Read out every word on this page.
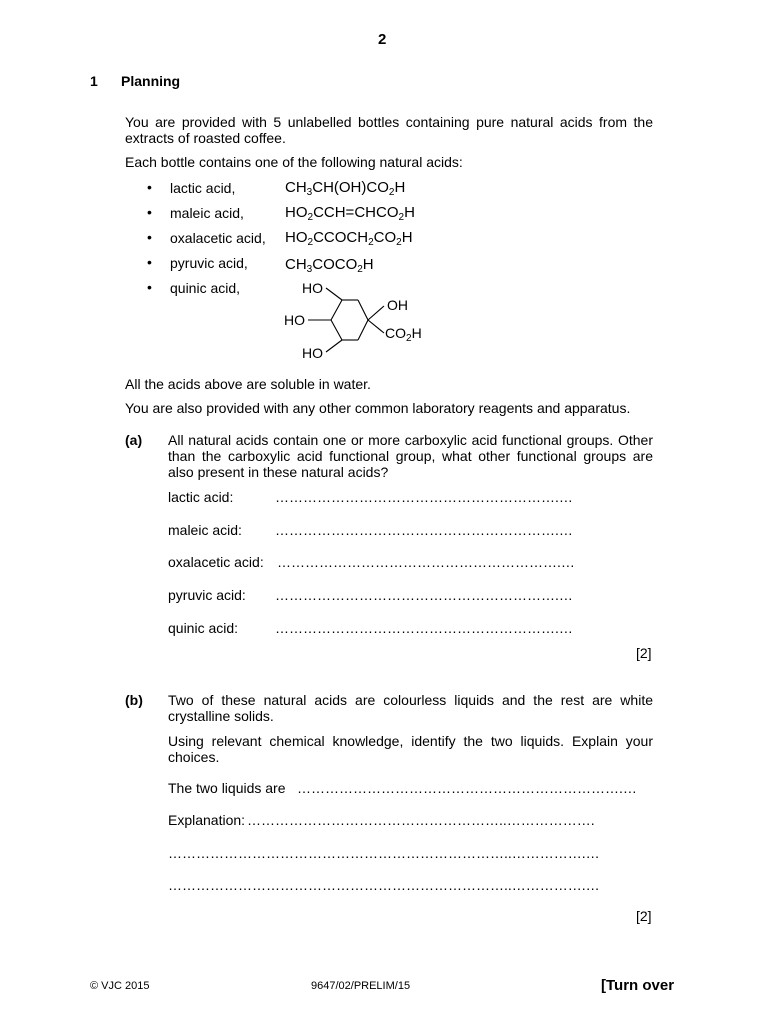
2
1 Planning
You are provided with 5 unlabelled bottles containing pure natural acids from the extracts of roasted coffee.
Each bottle contains one of the following natural acids:
• lactic acid,	$CH_3CH(OH)CO_2H$
• maleic acid,	$HO_2CCH=CHCO_2H$
• oxalacetic acid, $HO_2CCOCH_2CO_2H$
• pyruvic acid, $CH_3COCO_2H$
• quinic acid,	HO
OH
HO
$CO_2H$
HO
All the acids above are soluble in water.
You are also provided with any other common laboratory reagents and apparatus.
(a) All natural acids contain one or more carboxylic acid functional groups. Other than the carboxylic acid functional group, what other functional groups are also present in these natural acids?
lactic acid:	…………………………………………………….…
maleic acid: …………………………………………………….…
oxalacetic acid: …………………………………………………….…
pyruvic acid: …………………………………………………….…
quinic acid:	…………………………………………………….…
[2]
(b) Two of these natural acids are colourless liquids and the rest are white crystalline solids.
Using relevant chemical knowledge, identify the two liquids. Explain your choices.
The two liquids are …………………………………………………………….…
Explanation: ………………………………………………..……………….
………………………………………………………………..…………….…
………………………………………………………………..…………….…
[2]
© VJC 2015	9647/02/PRELIM/15	[Turn over
